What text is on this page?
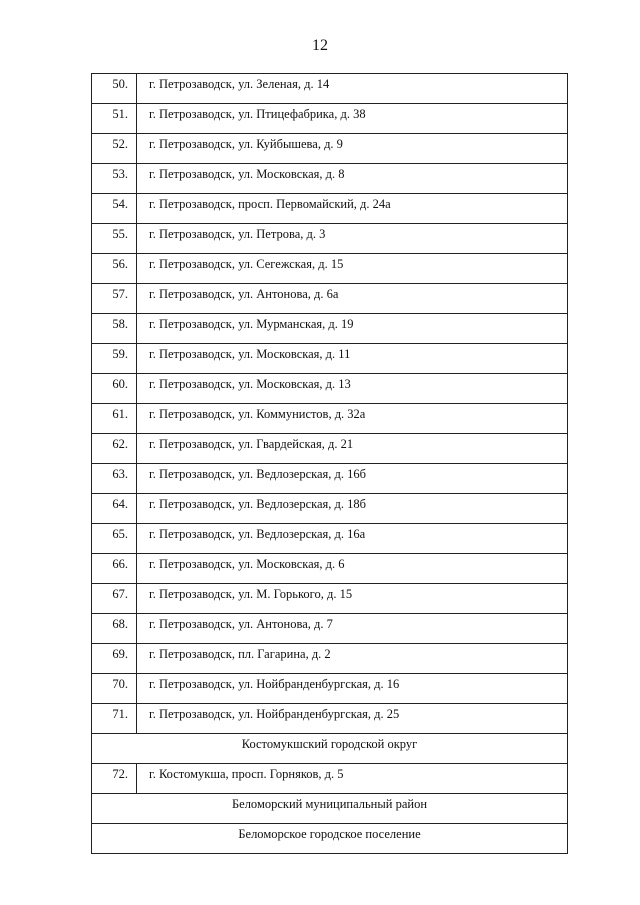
12
50.	г. Петрозаводск, ул. Зеленая, д. 14
51.	г. Петрозаводск, ул. Птицефабрика, д. 38
52.	г. Петрозаводск, ул. Куйбышева, д. 9
53.	г. Петрозаводск, ул. Московская, д. 8
54.	г. Петрозаводск, просп. Первомайский, д. 24а
55.	г. Петрозаводск, ул. Петрова, д. 3
56.	г. Петрозаводск, ул. Сегежская, д. 15
57.	г. Петрозаводск, ул. Антонова, д. 6а
58.	г. Петрозаводск, ул. Мурманская, д. 19
59.	г. Петрозаводск, ул. Московская, д. 11
60.	г. Петрозаводск, ул. Московская, д. 13
61.	г. Петрозаводск, ул. Коммунистов, д. 32а
62.	г. Петрозаводск, ул. Гвардейская, д. 21
63.	г. Петрозаводск, ул. Ведлозерская, д. 16б
64.	г. Петрозаводск, ул. Ведлозерская, д. 18б
65.	г. Петрозаводск, ул. Ведлозерская, д. 16а
66.	г. Петрозаводск, ул. Московская, д. 6
67.	г. Петрозаводск, ул. М. Горького, д. 15
68.	г. Петрозаводск, ул. Антонова, д. 7
69.	г. Петрозаводск, пл. Гагарина, д. 2
70.	г. Петрозаводск, ул. Нойбранденбургская, д. 16
71.	г. Петрозаводск, ул. Нойбранденбургская, д. 25
Костомукшский городской округ	
72.	г. Костомукша, просп. Горняков, д. 5
Беломорский муниципальный район	
Беломорское городское поселение	
